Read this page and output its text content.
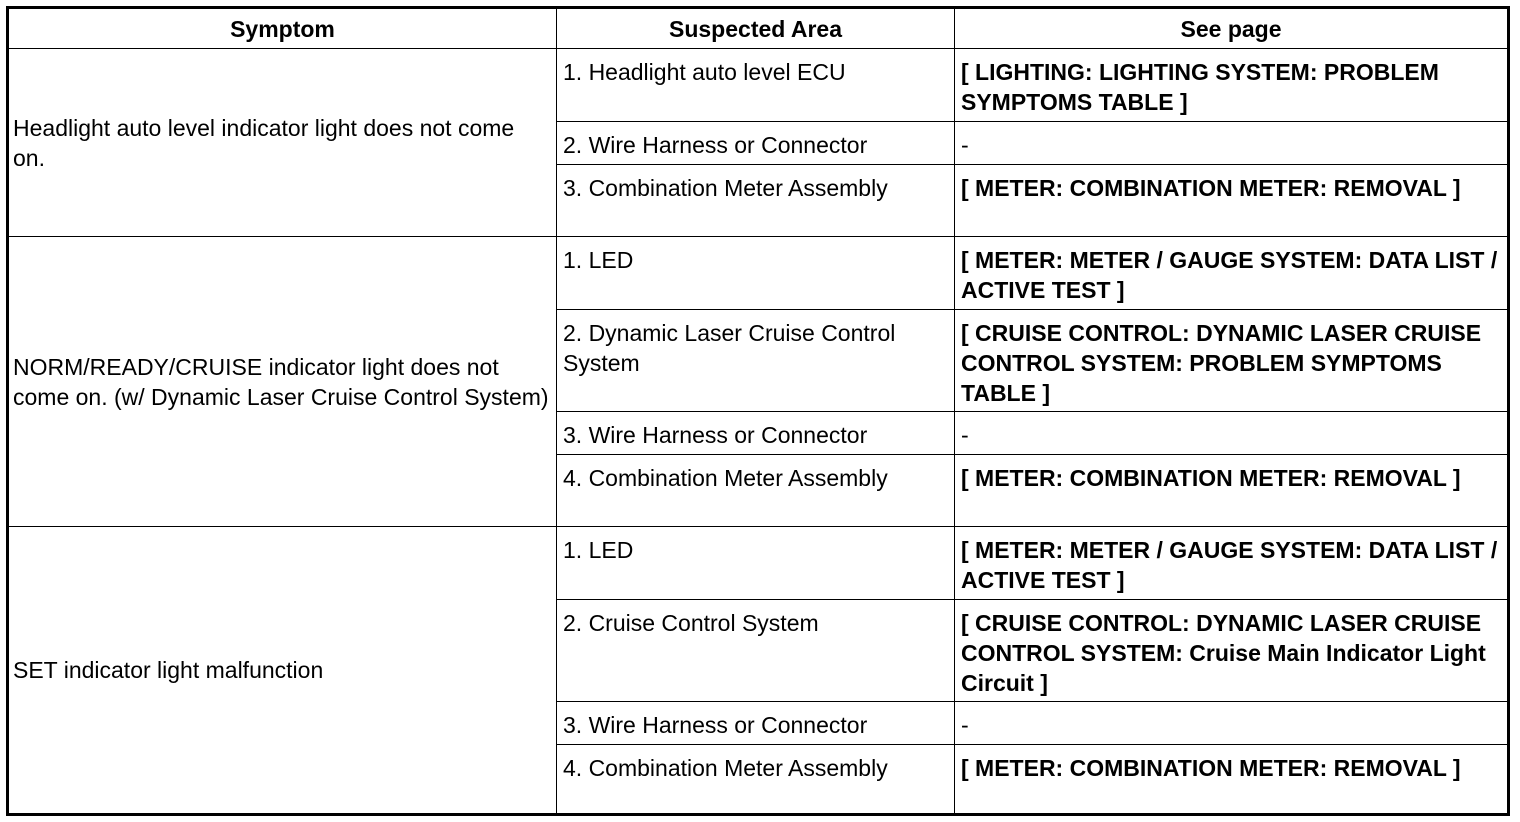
Symptom	Suspected Area	See page
Headlight auto level indicator light does not come on.	1. Headlight auto level ECU	[ LIGHTING: LIGHTING SYSTEM: PROBLEM SYMPTOMS TABLE ]
	2. Wire Harness or Connector	-
	3. Combination Meter Assembly	[ METER: COMBINATION METER: REMOVAL ]
NORM/READY/CRUISE indicator light does not come on. (w/ Dynamic Laser Cruise Control System)	1. LED	[ METER: METER / GAUGE SYSTEM: DATA LIST / ACTIVE TEST ]
	2. Dynamic Laser Cruise Control System	[ CRUISE CONTROL: DYNAMIC LASER CRUISE CONTROL SYSTEM: PROBLEM SYMPTOMS TABLE ]
	3. Wire Harness or Connector	-
	4. Combination Meter Assembly	[ METER: COMBINATION METER: REMOVAL ]
SET indicator light malfunction	1. LED	[ METER: METER / GAUGE SYSTEM: DATA LIST / ACTIVE TEST ]
	2. Cruise Control System	[ CRUISE CONTROL: DYNAMIC LASER CRUISE CONTROL SYSTEM: Cruise Main Indicator Light Circuit ]
	3. Wire Harness or Connector	-
	4. Combination Meter Assembly	[ METER: COMBINATION METER: REMOVAL ]
